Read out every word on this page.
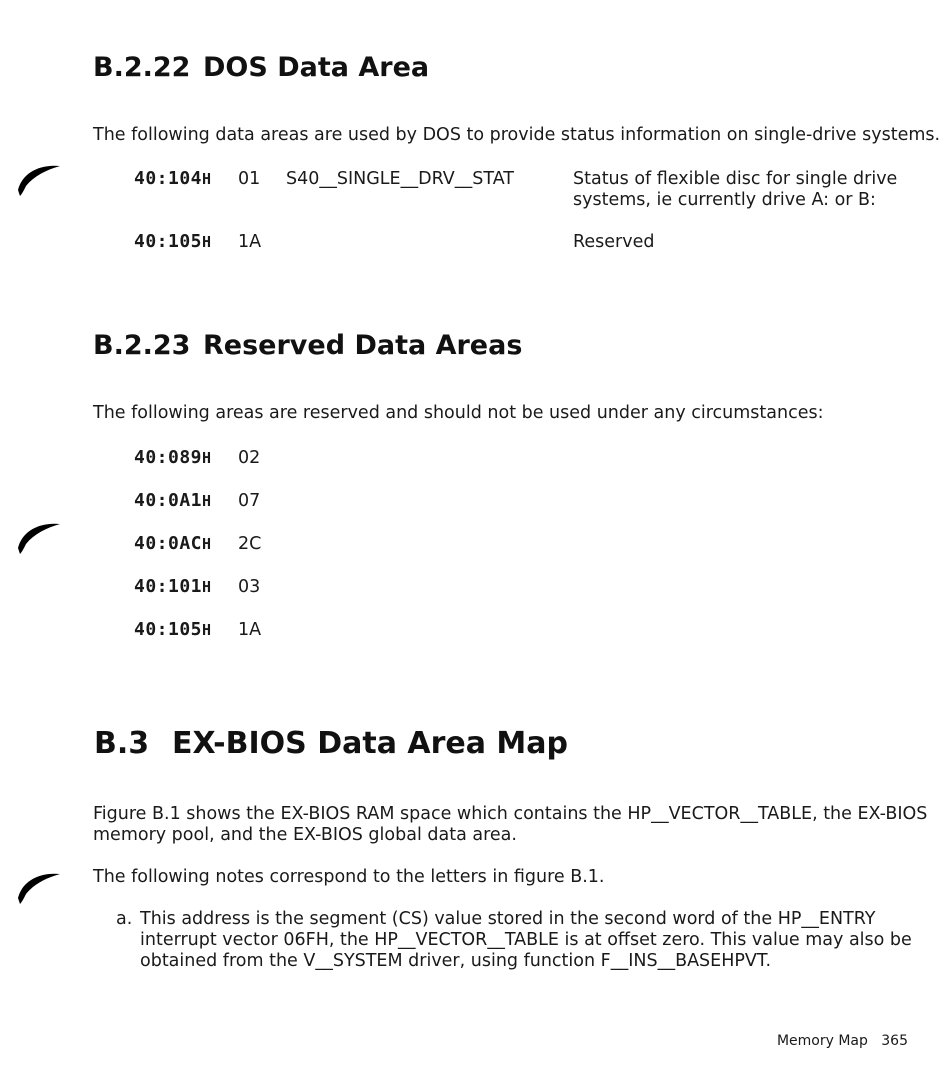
B.2.22 DOS Data Area
The following data areas are used by DOS to provide status information on single-drive systems.
40:104H 01 S40__SINGLE__DRV__STAT	Status of flexible disc for single drive
systems, ie currently drive A: or B:
40:105H 1A	Reserved
B.2.23 Reserved Data Areas
The following areas are reserved and should not be used under any circumstances:
40:089H 02
40:0A1H 07
40:0ACH 2C
40:101H 03
40:105H 1A
B.3 EX-BIOS Data Area Map
Figure B.1 shows the EX-BIOS RAM space which contains the HP__VECTOR__TABLE, the EX-BIOS
memory pool, and the EX-BIOS global data area.
The following notes correspond to the letters in figure B.1.
a. This address is the segment (CS) value stored in the second word of the HP__ENTRY
interrupt vector 06FH, the HP__VECTOR__TABLE is at offset zero. This value may also be
obtained from the V__SYSTEM driver, using function F__INS__BASEHPVT.
Memory Map 365
